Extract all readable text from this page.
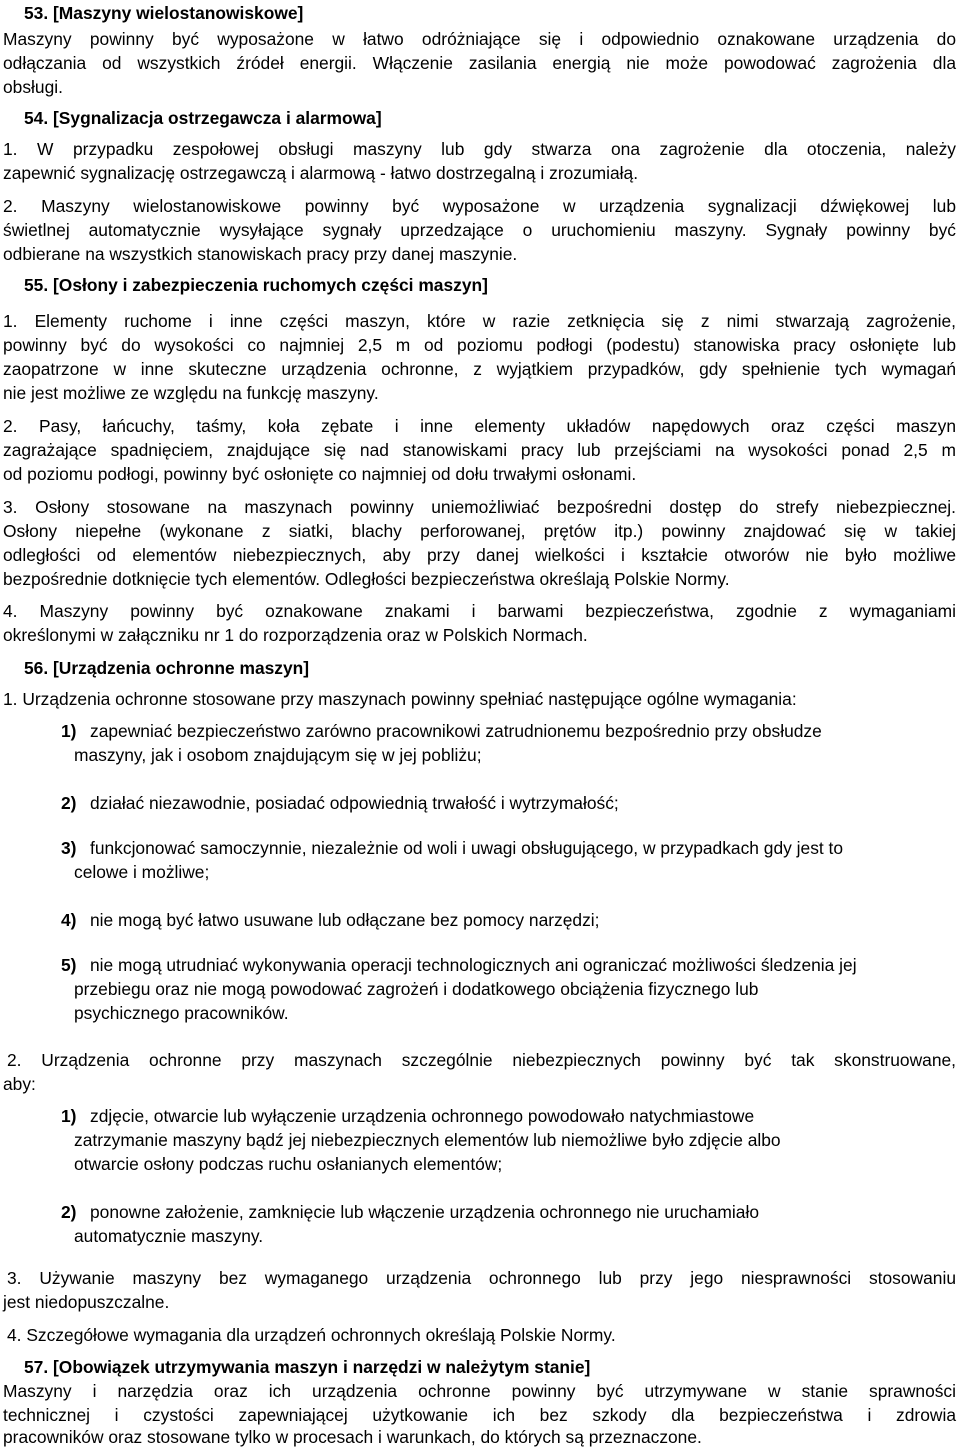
53. [Maszyny wielostanowiskowe]
Maszyny powinny być wyposażone w łatwo odróżniające się i odpowiednio oznakowane urządzenia do
odłączania od wszystkich źródeł energii. Włączenie zasilania energią nie może powodować zagrożenia dla
obsługi.
54. [Sygnalizacja ostrzegawcza i alarmowa]
1. W przypadku zespołowej obsługi maszyny lub gdy stwarza ona zagrożenie dla otoczenia, należy
zapewnić sygnalizację ostrzegawczą i alarmową - łatwo dostrzegalną i zrozumiałą.
2. Maszyny wielostanowiskowe powinny być wyposażone w urządzenia sygnalizacji dźwiękowej lub
świetlnej automatycznie wysyłające sygnały uprzedzające o uruchomieniu maszyny. Sygnały powinny być
odbierane na wszystkich stanowiskach pracy przy danej maszynie.
55. [Osłony i zabezpieczenia ruchomych części maszyn]
1. Elementy ruchome i inne części maszyn, które w razie zetknięcia się z nimi stwarzają zagrożenie,
powinny być do wysokości co najmniej 2,5 m od poziomu podłogi (podestu) stanowiska pracy osłonięte lub
zaopatrzone w inne skuteczne urządzenia ochronne, z wyjątkiem przypadków, gdy spełnienie tych wymagań
nie jest możliwe ze względu na funkcję maszyny.
2. Pasy, łańcuchy, taśmy, koła zębate i inne elementy układów napędowych oraz części maszyn
zagrażające spadnięciem, znajdujące się nad stanowiskami pracy lub przejściami na wysokości ponad 2,5 m
od poziomu podłogi, powinny być osłonięte co najmniej od dołu trwałymi osłonami.
3. Osłony stosowane na maszynach powinny uniemożliwiać bezpośredni dostęp do strefy niebezpiecznej.
Osłony niepełne (wykonane z siatki, blachy perforowanej, prętów itp.) powinny znajdować się w takiej
odległości od elementów niebezpiecznych, aby przy danej wielkości i kształcie otworów nie było możliwe
bezpośrednie dotknięcie tych elementów. Odległości bezpieczeństwa określają Polskie Normy.
4. Maszyny powinny być oznakowane znakami i barwami bezpieczeństwa, zgodnie z wymaganiami
określonymi w załączniku nr 1 do rozporządzenia oraz w Polskich Normach.
56. [Urządzenia ochronne maszyn]
1. Urządzenia ochronne stosowane przy maszynach powinny spełniać następujące ogólne wymagania:
1) zapewniać bezpieczeństwo zarówno pracownikowi zatrudnionemu bezpośrednio przy obsłudze
maszyny, jak i osobom znajdującym się w jej pobliżu;
2) działać niezawodnie, posiadać odpowiednią trwałość i wytrzymałość;
3) funkcjonować samoczynnie, niezależnie od woli i uwagi obsługującego, w przypadkach gdy jest to
celowe i możliwe;
4) nie mogą być łatwo usuwane lub odłączane bez pomocy narzędzi;
5) nie mogą utrudniać wykonywania operacji technologicznych ani ograniczać możliwości śledzenia jej
przebiegu oraz nie mogą powodować zagrożeń i dodatkowego obciążenia fizycznego lub
psychicznego pracowników.
2. Urządzenia ochronne przy maszynach szczególnie niebezpiecznych powinny być tak skonstruowane,
aby:
1) zdjęcie, otwarcie lub wyłączenie urządzenia ochronnego powodowało natychmiastowe
zatrzymanie maszyny bądź jej niebezpiecznych elementów lub niemożliwe było zdjęcie albo
otwarcie osłony podczas ruchu osłanianych elementów;
2) ponowne założenie, zamknięcie lub włączenie urządzenia ochronnego nie uruchamiało
automatycznie maszyny.
3. Używanie maszyny bez wymaganego urządzenia ochronnego lub przy jego niesprawności stosowaniu
jest niedopuszczalne.
4. Szczegółowe wymagania dla urządzeń ochronnych określają Polskie Normy.
57. [Obowiązek utrzymywania maszyn i narzędzi w należytym stanie]
Maszyny i narzędzia oraz ich urządzenia ochronne powinny być utrzymywane w stanie sprawności
technicznej i czystości zapewniającej użytkowanie ich bez szkody dla bezpieczeństwa i zdrowia
pracowników oraz stosowane tylko w procesach i warunkach, do których są przeznaczone.
